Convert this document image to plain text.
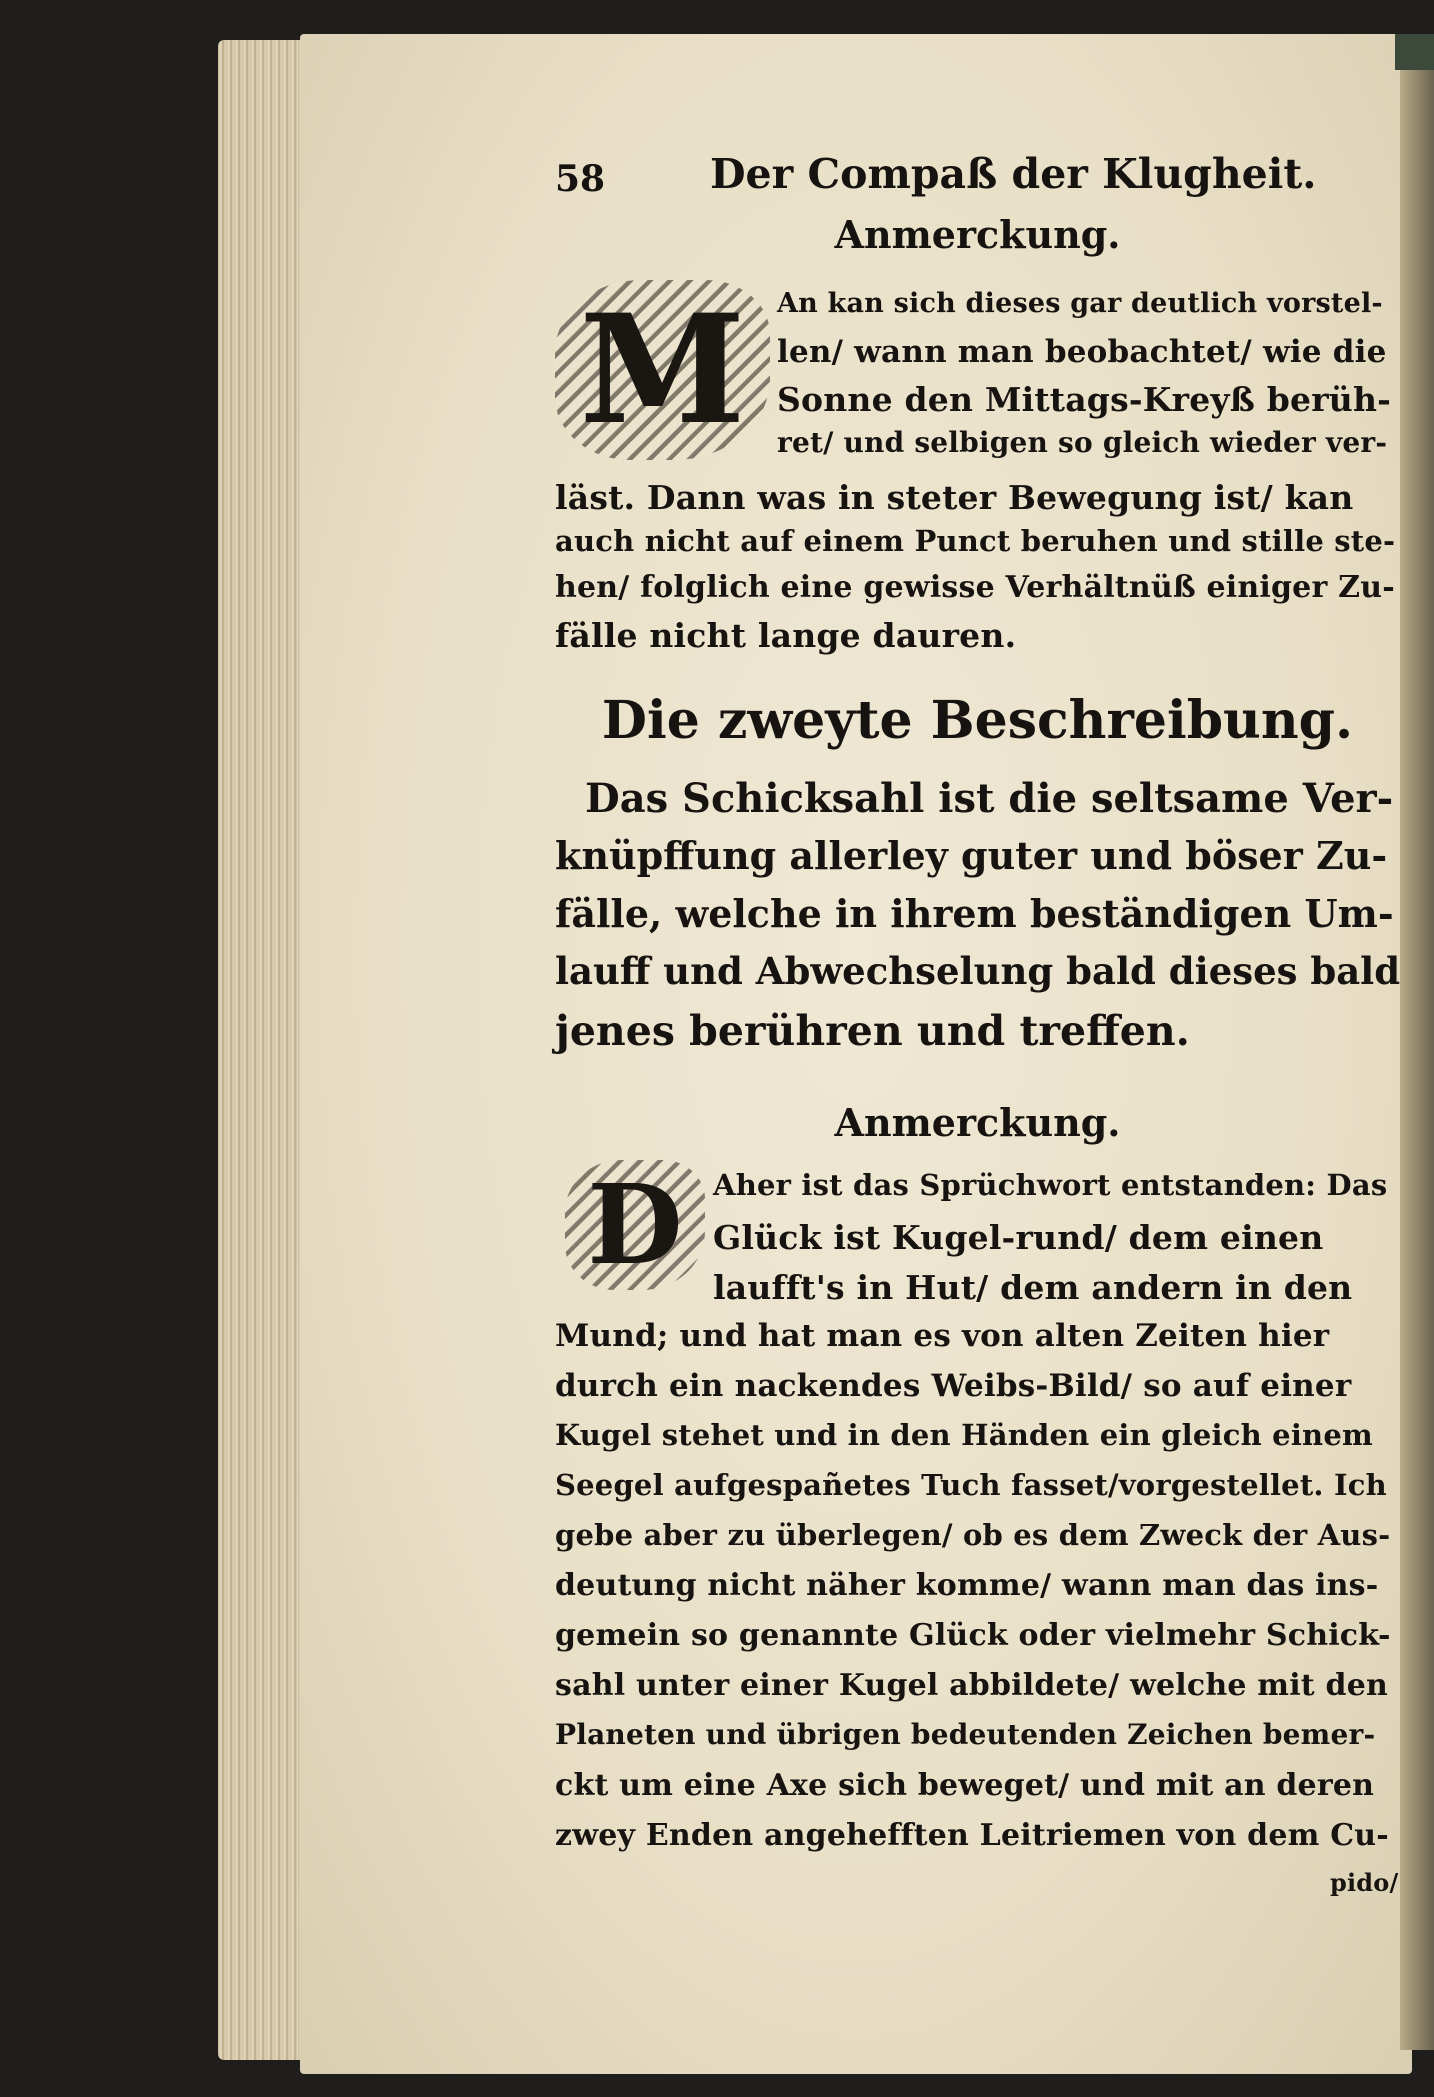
58	Der Compaß der Klugheit.
Anmerckung.
M	An kan sich dieses gar deutlich vorstel-
len/ wann man beobachtet/ wie die
Sonne den Mittags-Kreyß berüh-
ret/ und selbigen so gleich wieder ver-
läst. Dann was in steter Bewegung ist/ kan
auch nicht auf einem Punct beruhen und stille ste-
hen/ folglich eine gewisse Verhältnüß einiger Zu-
fälle nicht lange dauren.
Die zweyte Beschreibung.
Das Schicksahl ist die seltsame Ver-
knüpffung allerley guter und böser Zu-
fälle, welche in ihrem beständigen Um-
lauff und Abwechselung bald dieses bald
jenes berühren und treffen.
Anmerckung.
D	Aher ist das Sprüchwort entstanden: Das
Glück ist Kugel-rund/ dem einen
laufft's in Hut/ dem andern in den
Mund; und hat man es von alten Zeiten hier
durch ein nackendes Weibs-Bild/ so auf einer
Kugel stehet und in den Händen ein gleich einem
Seegel aufgespañetes Tuch fasset/vorgestellet. Ich
gebe aber zu überlegen/ ob es dem Zweck der Aus-
deutung nicht näher komme/ wann man das ins-
gemein so genannte Glück oder vielmehr Schick-
sahl unter einer Kugel abbildete/ welche mit den
Planeten und übrigen bedeutenden Zeichen bemer-
ckt um eine Axe sich beweget/ und mit an deren
zwey Enden angehefften Leitriemen von dem Cu-
pido/
